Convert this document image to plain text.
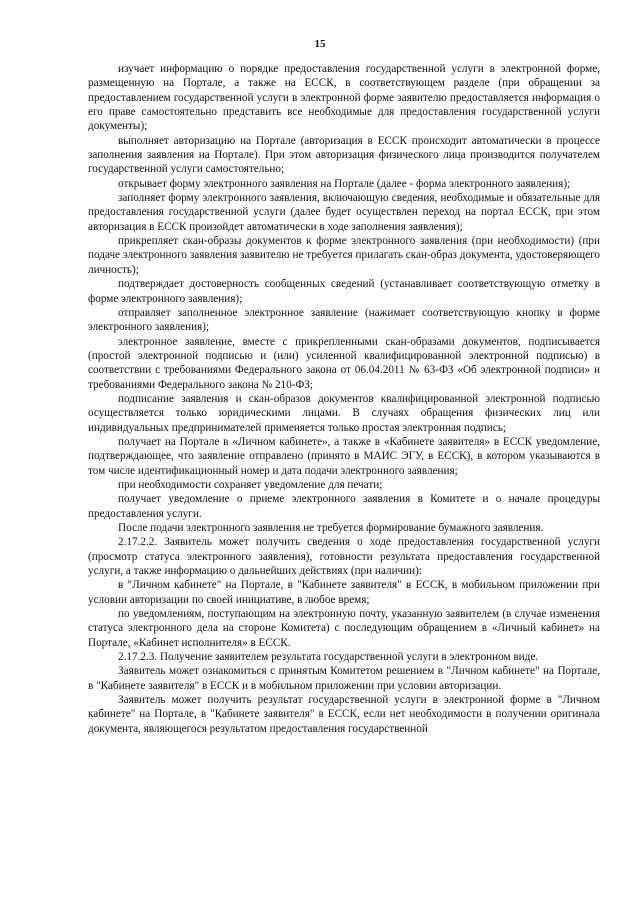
15

изучает информацию о порядке предоставления государственной услуги в электронной форме, размещенную на Портале, а также на ЕССК, в соответствующем разделе (при обращении за предоставлением государственной услуги в электронной форме заявителю предоставляется информация о его праве самостоятельно представить все необходимые для предоставления государственной услуги документы);

выполняет авторизацию на Портале (авторизация в ЕССК происходит автоматически в процессе заполнения заявления на Портале). При этом авторизация физического лица производится получателем государственной услуги самостоятельно;

открывает форму электронного заявления на Портале (далее - форма электронного заявления);

заполняет форму электронного заявления, включающую сведения, необходимые и обязательные для предоставления государственной услуги (далее будет осуществлен переход на портал ЕССК, при этом авторизация в ЕССК произойдет автоматически в ходе заполнения заявления);

прикрепляет скан-образы документов к форме электронного заявления (при необходимости) (при подаче электронного заявления заявителю не требуется прилагать скан-образ документа, удостоверяющего личность);

подтверждает достоверность сообщенных сведений (устанавливает соответствующую отметку в форме электронного заявления);

отправляет заполненное электронное заявление (нажимает соответствующую кнопку в форме электронного заявления);

электронное заявление, вместе с прикрепленными скан-образами документов, подписывается (простой электронной подписью и (или) усиленной квалифицированной электронной подписью) в соответствии с требованиями Федерального закона от 06.04.2011 № 63-ФЗ «Об электронной подписи» и требованиями Федерального закона № 210-ФЗ;

подписание заявления и скан-образов документов квалифицированной электронной подписью осуществляется только юридическими лицами. В случаях обращения физических лиц или индивидуальных предпринимателей применяется только простая электронная подпись;

получает на Портале в «Личном кабинете», а также в «Кабинете заявителя» в ЕССК уведомление, подтверждающее, что заявление отправлено (принято в МАИС ЭГУ, в ЕССК), в котором указываются в том числе идентификационный номер и дата подачи электронного заявления;

при необходимости сохраняет уведомление для печати;

получает уведомление о приеме электронного заявления в Комитете и о начале процедуры предоставления услуги.

После подачи электронного заявления не требуется формирование бумажного заявления.

2.17.2.2. Заявитель может получить сведения о ходе предоставления государственной услуги (просмотр статуса электронного заявления), готовности результата предоставления государственной услуги, а также информацию о дальнейших действиях (при наличии):

в "Личном кабинете" на Портале, в "Кабинете заявителя" в ЕССК, в мобильном приложении при условии авторизации по своей инициативе, в любое время;

по уведомлениям, поступающим на электронную почту, указанную заявителем (в случае изменения статуса электронного дела на стороне Комитета) с последующим обращением в «Личный кабинет» на Портале, «Кабинет исполнителя» в ЕССК.

2.17.2.3. Получение заявителем результата государственной услуги в электронном виде.

Заявитель может ознакомиться с принятым Комитетом решением в "Личном кабинете" на Портале, в "Кабинете заявителя" в ЕССК и в мобильном приложении при условии авторизации.

Заявитель может получить результат государственной услуги в электронной форме в "Личном кабинете" на Портале, в "Кабинете заявителя" в ЕССК, если нет необходимости в получении оригинала документа, являющегося результатом предоставления государственной
